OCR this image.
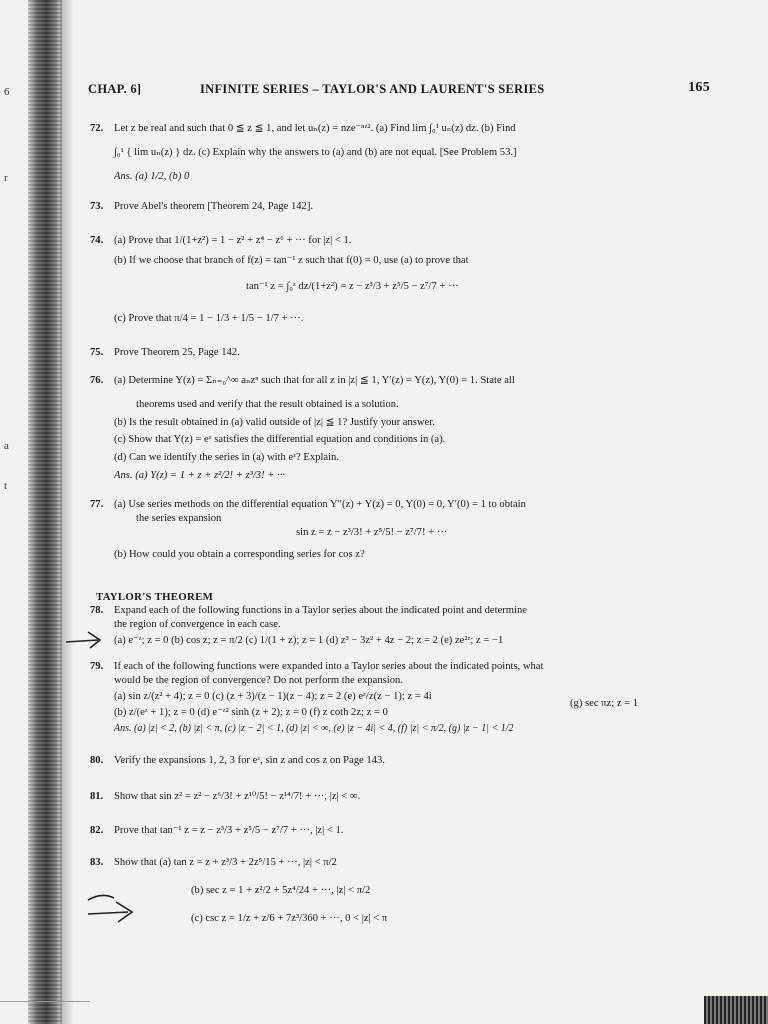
6
r
a
t
CHAP. 6]	INFINITE SERIES – TAYLOR'S AND LAURENT'S SERIES	165
72. Let z be real and such that 0 ≦ z ≦ 1, and let uₙ(z) = nze⁻ⁿᶻ². (a) Find lim ∫₀¹ uₙ(z) dz. (b) Find
∫₀¹ { lim uₙ(z) } dz. (c) Explain why the answers to (a) and (b) are not equal. [See Problem 53.]
Ans. (a) 1/2, (b) 0
73. Prove Abel's theorem [Theorem 24, Page 142].
74. (a) Prove that 1/(1+z²) = 1 − z² + z⁴ − z⁶ + ··· for |z| < 1.
(b) If we choose that branch of f(z) = tan⁻¹ z such that f(0) = 0, use (a) to prove that
tan⁻¹ z = ∫₀ᶻ dz/(1+z²) = z − z³/3 + z⁵/5 − z⁷/7 + ···
(c) Prove that π/4 = 1 − 1/3 + 1/5 − 1/7 + ···.
75. Prove Theorem 25, Page 142.
76. (a) Determine Y(z) = Σₙ₌₀^∞ aₙzⁿ such that for all z in |z| ≦ 1, Y′(z) = Y(z), Y(0) = 1. State all
theorems used and verify that the result obtained is a solution.
(b) Is the result obtained in (a) valid outside of |z| ≦ 1? Justify your answer.
(c) Show that Y(z) = eᶻ satisfies the differential equation and conditions in (a).
(d) Can we identify the series in (a) with eᶻ? Explain.
Ans. (a) Y(z) = 1 + z + z²/2! + z³/3! + ···
77. (a) Use series methods on the differential equation Y″(z) + Y(z) = 0, Y(0) = 0, Y′(0) = 1 to obtain
the series expansion
sin z = z − z³/3! + z⁵/5! − z⁷/7! + ···
(b) How could you obtain a corresponding series for cos z?
TAYLOR'S THEOREM
78. Expand each of the following functions in a Taylor series about the indicated point and determine
the region of convergence in each case.
(a) e⁻ᶻ; z = 0 (b) cos z; z = π/2 (c) 1/(1 + z); z = 1 (d) z³ − 3z² + 4z − 2; z = 2 (e) ze²ᶻ; z = −1
79. If each of the following functions were expanded into a Taylor series about the indicated points, what
would be the region of convergence? Do not perform the expansion.
(a) sin z/(z² + 4); z = 0 (c) (z + 3)/(z − 1)(z − 4); z = 2 (e) eᶻ/z(z − 1); z = 4i
(g) sec πz; z = 1
(b) z/(eᶻ + 1); z = 0 (d) e⁻ᶻ² sinh (z + 2); z = 0 (f) z coth 2z; z = 0
Ans. (a) |z| < 2, (b) |z| < π, (c) |z − 2| < 1, (d) |z| < ∞, (e) |z − 4i| < 4, (f) |z| < π/2, (g) |z − 1| < 1/2
80. Verify the expansions 1, 2, 3 for eᶻ, sin z and cos z on Page 143.
81. Show that sin z² = z² − z⁶/3! + z¹⁰/5! − z¹⁴/7! + ···, |z| < ∞.
82. Prove that tan⁻¹ z = z − z³/3 + z⁵/5 − z⁷/7 + ···, |z| < 1.
83. Show that (a) tan z = z + z³/3 + 2z⁵/15 + ···, |z| < π/2
(b) sec z = 1 + z²/2 + 5z⁴/24 + ···, |z| < π/2
(c) csc z = 1/z + z/6 + 7z³/360 + ···, 0 < |z| < π
